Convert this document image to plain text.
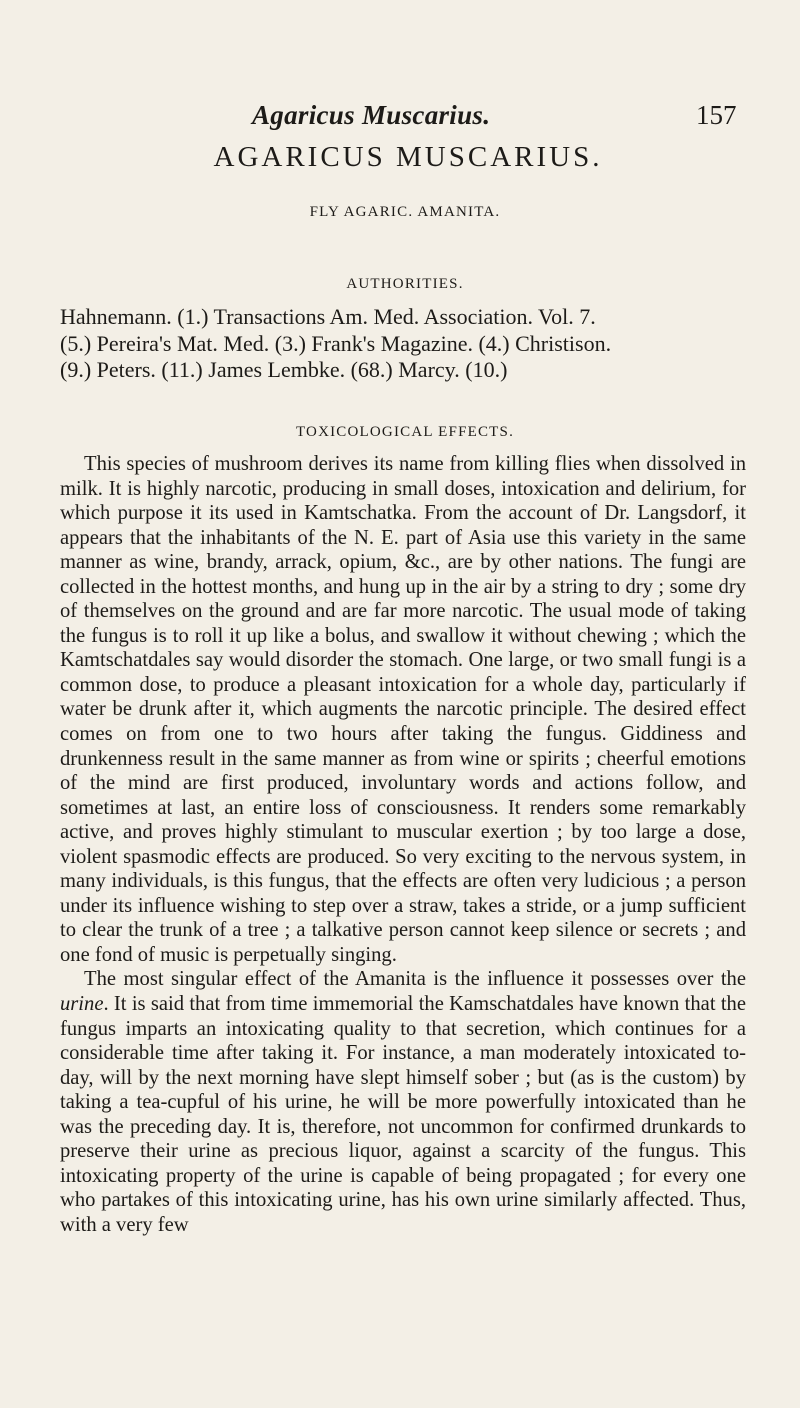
Agaricus Muscarius.	157
AGARICUS MUSCARIUS.
FLY AGARIC. AMANITA.
AUTHORITIES.
Hahnemann. (1.) Transactions Am. Med. Association. Vol. 7.
(5.) Pereira's Mat. Med. (3.) Frank's Magazine. (4.) Christison.
(9.) Peters. (11.) James Lembke. (68.) Marcy. (10.)
TOXICOLOGICAL EFFECTS.

This species of mushroom derives its name from killing flies when dissolved in milk. It is highly narcotic, producing in small doses, intoxication and delirium, for which purpose it its used in Kamtschatka. From the account of Dr. Langsdorf, it appears that the inhabitants of the N. E. part of Asia use this variety in the same manner as wine, brandy, arrack, opium, &c., are by other nations. The fungi are collected in the hottest months, and hung up in the air by a string to dry ; some dry of themselves on the ground and are far more narcotic. The usual mode of taking the fungus is to roll it up like a bolus, and swallow it without chewing ; which the Kamtschatdales say would disorder the stomach. One large, or two small fungi is a common dose, to produce a pleasant intoxication for a whole day, particularly if water be drunk after it, which augments the narcotic principle. The desired effect comes on from one to two hours after taking the fungus. Giddiness and drunkenness result in the same manner as from wine or spirits ; cheerful emotions of the mind are first produced, involuntary words and actions follow, and sometimes at last, an entire loss of consciousness. It renders some remarkably active, and proves highly stimulant to muscular exertion ; by too large a dose, violent spasmodic effects are produced. So very exciting to the nervous system, in many individuals, is this fungus, that the effects are often very ludicious ; a person under its influence wishing to step over a straw, takes a stride, or a jump sufficient to clear the trunk of a tree ; a talkative person cannot keep silence or secrets ; and one fond of music is perpetually singing.

The most singular effect of the Amanita is the influence it possesses over the urine. It is said that from time immemorial the Kamschatdales have known that the fungus imparts an intoxicating quality to that secretion, which continues for a considerable time after taking it. For instance, a man moderately intoxicated to-day, will by the next morning have slept himself sober ; but (as is the custom) by taking a tea-cupful of his urine, he will be more powerfully intoxicated than he was the preceding day. It is, therefore, not uncommon for confirmed drunkards to preserve their urine as precious liquor, against a scarcity of the fungus. This intoxicating property of the urine is capable of being propagated ; for every one who partakes of this intoxicating urine, has his own urine similarly affected. Thus, with a very few
